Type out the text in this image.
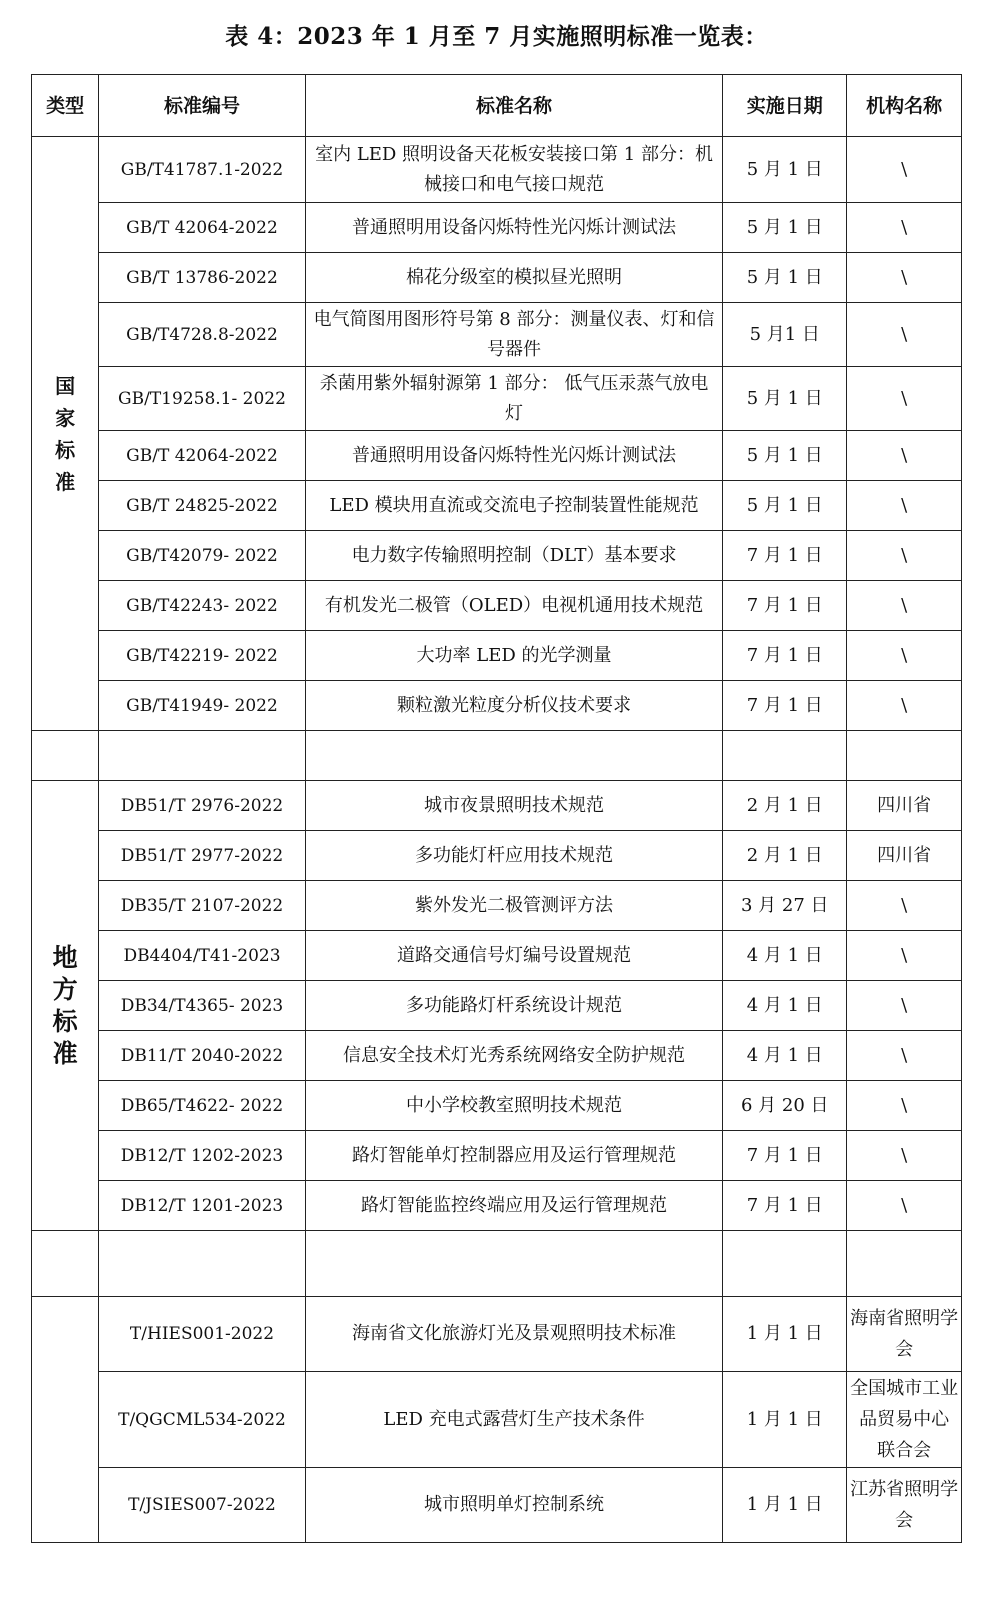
表 4：2023 年 1 月至 7 月实施照明标准一览表：
类型	标准编号	标准名称	实施日期	机构名称
国家标准	GB/T41787.1-2022	室内 LED 照明设备天花板安装接口第 1 部分：机械接口和电气接口规范	5 月 1 日	\
	GB/T 42064-2022	普通照明用设备闪烁特性光闪烁计测试法	5 月 1 日	\
	GB/T 13786-2022	棉花分级室的模拟昼光照明	5 月 1 日	\
	GB/T4728.8-2022	电气简图用图形符号第 8 部分：测量仪表、灯和信号器件	5 月1 日	\
	GB/T19258.1- 2022	杀菌用紫外辐射源第 1 部分： 低气压汞蒸气放电灯	5 月 1 日	\
	GB/T 42064-2022	普通照明用设备闪烁特性光闪烁计测试法	5 月 1 日	\
	GB/T 24825-2022	LED 模块用直流或交流电子控制装置性能规范	5 月 1 日	\
	GB/T42079- 2022	电力数字传输照明控制（DLT）基本要求	7 月 1 日	\
	GB/T42243- 2022	有机发光二极管（OLED）电视机通用技术规范	7 月 1 日	\
	GB/T42219- 2022	大功率 LED 的光学测量	7 月 1 日	\
	GB/T41949- 2022	颗粒激光粒度分析仪技术要求	7 月 1 日	\

地方标准	DB51/T 2976-2022	城市夜景照明技术规范	2 月 1 日	四川省
	DB51/T 2977-2022	多功能灯杆应用技术规范	2 月 1 日	四川省
	DB35/T 2107-2022	紫外发光二极管测评方法	3 月 27 日	\
	DB4404/T41-2023	道路交通信号灯编号设置规范	4 月 1 日	\
	DB34/T4365- 2023	多功能路灯杆系统设计规范	4 月 1 日	\
	DB11/T 2040-2022	信息安全技术灯光秀系统网络安全防护规范	4 月 1 日	\
	DB65/T4622- 2022	中小学校教室照明技术规范	6 月 20 日	\
	DB12/T 1202-2023	路灯智能单灯控制器应用及运行管理规范	7 月 1 日	\
	DB12/T 1201-2023	路灯智能监控终端应用及运行管理规范	7 月 1 日	\

	T/HIES001-2022	海南省文化旅游灯光及景观照明技术标准	1 月 1 日	海南省照明学会
	T/QGCML534-2022	LED 充电式露营灯生产技术条件	1 月 1 日	全国城市工业品贸易中心 联合会
	T/JSIES007-2022	城市照明单灯控制系统	1 月 1 日	江苏省照明学会
